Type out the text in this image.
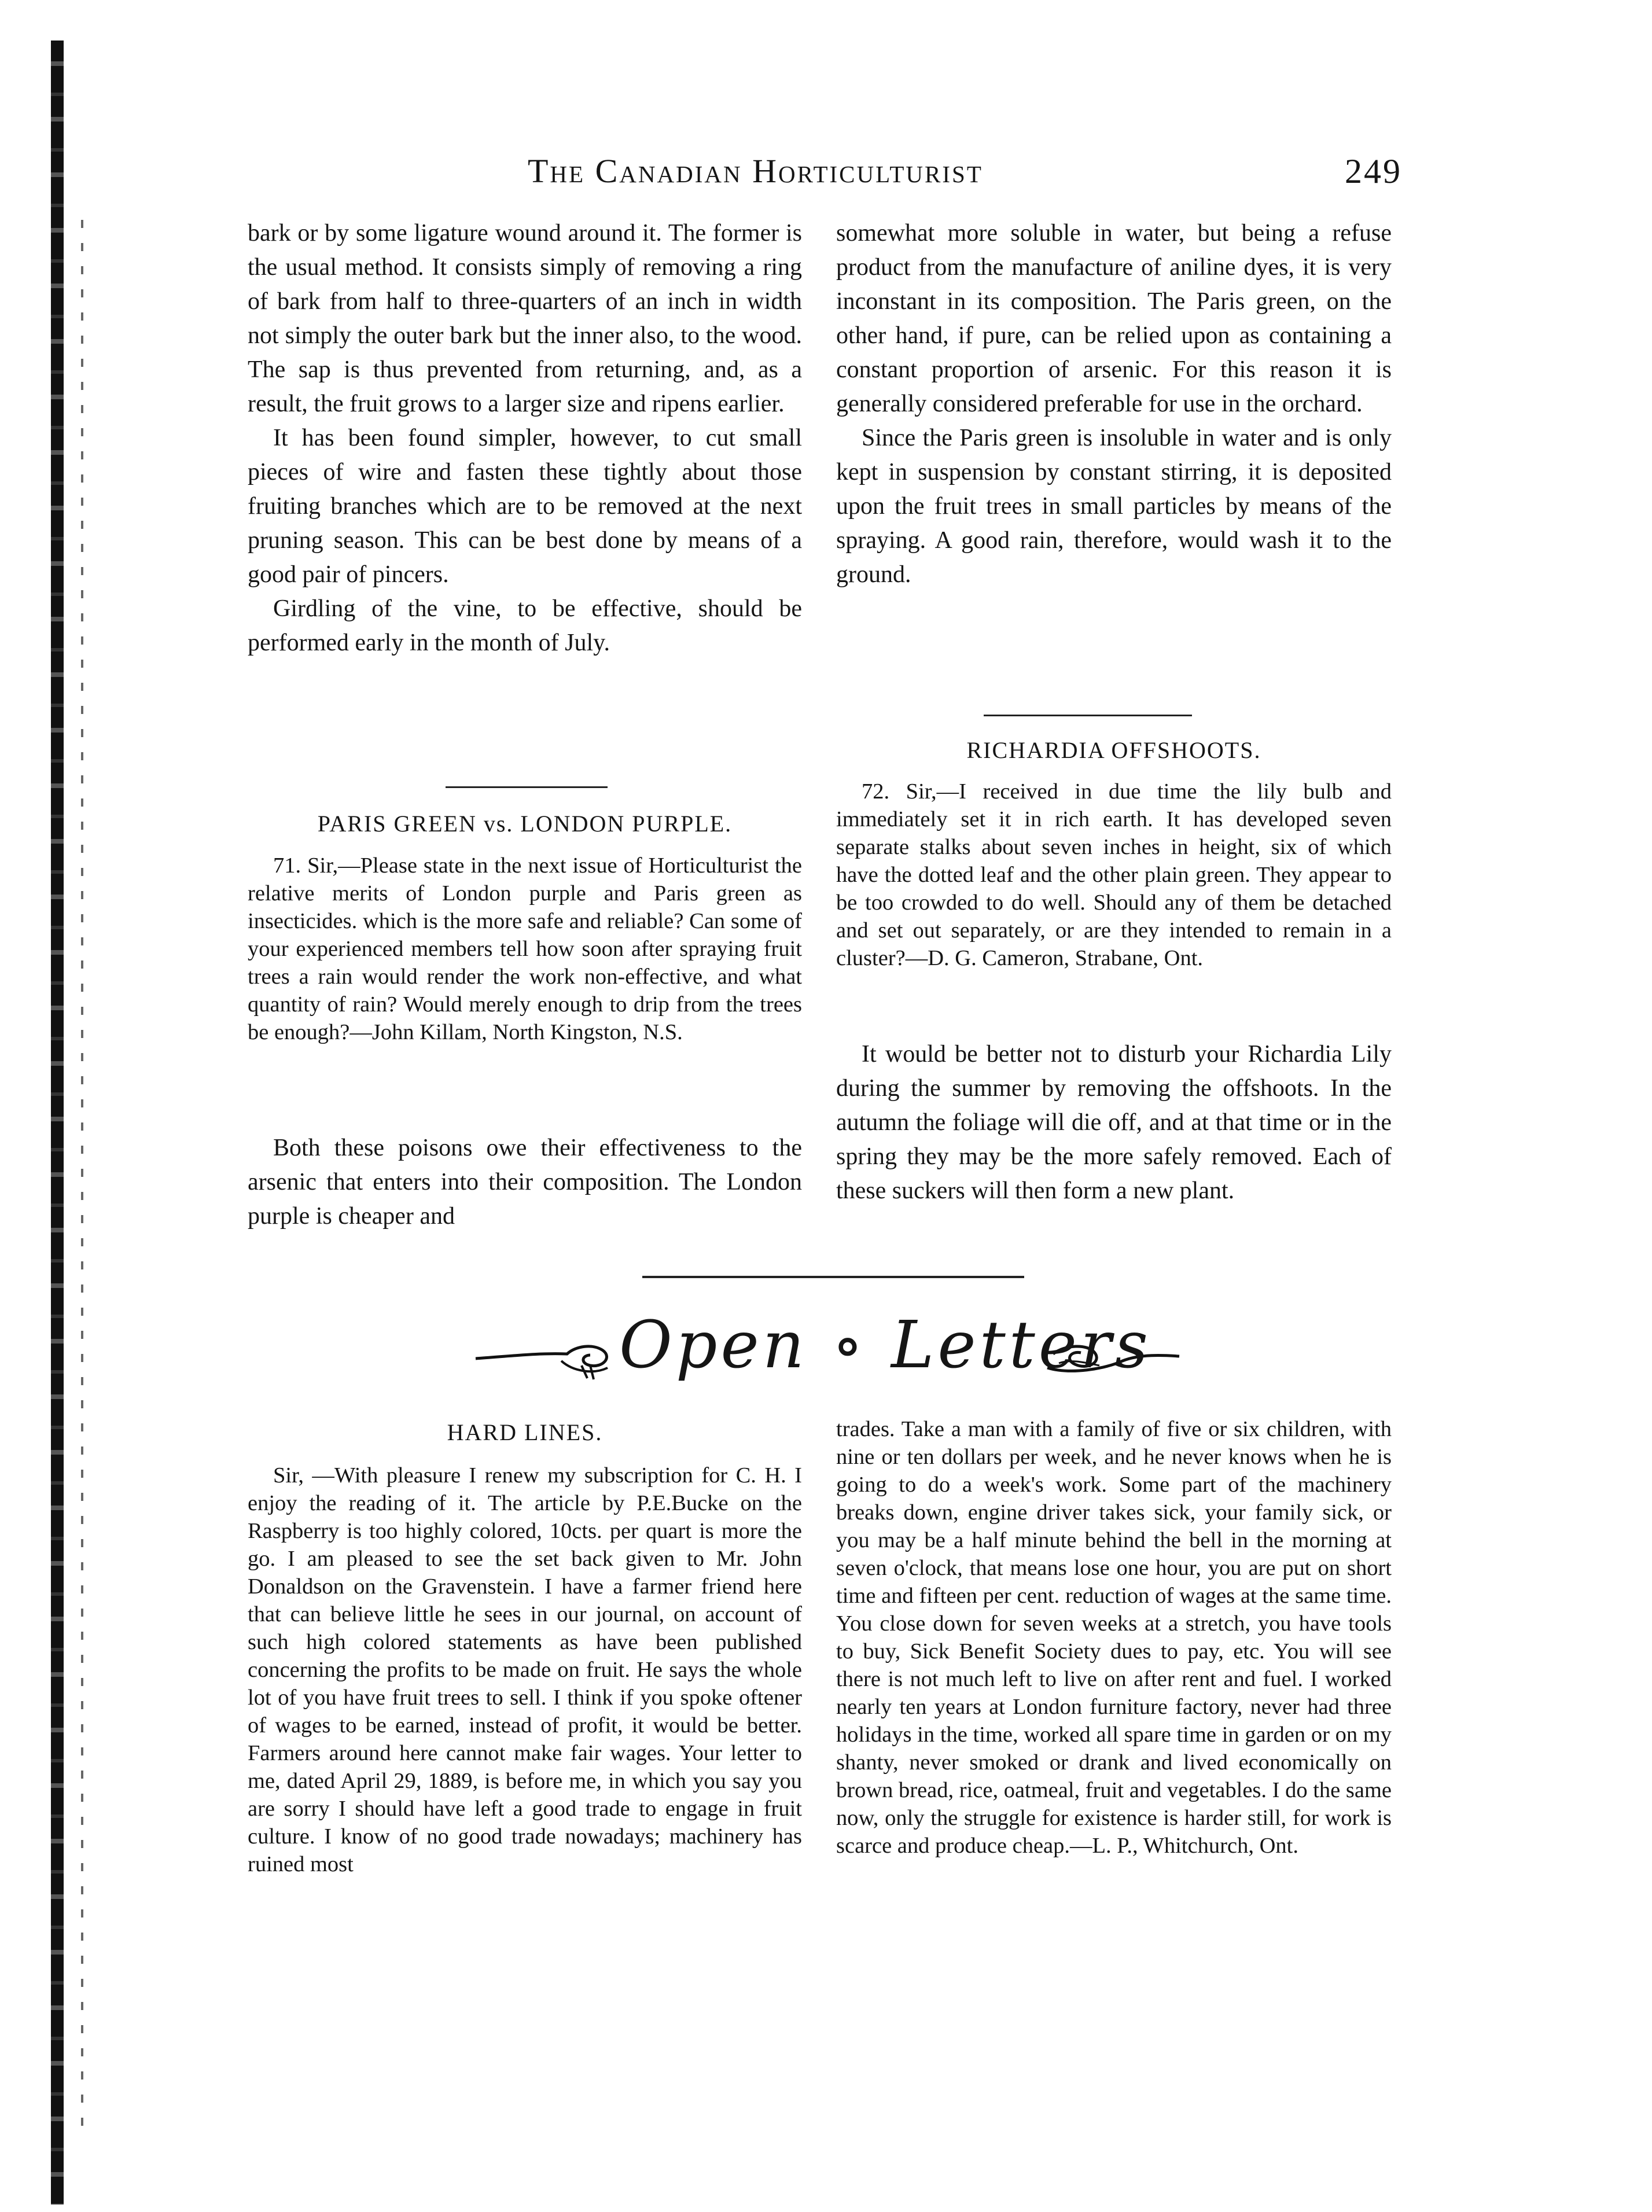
The Canadian Horticulturist	249

bark or by some ligature wound around it. The former is the usual method. It consists simply of removing a ring of bark from half to three-quarters of an inch in width not simply the outer bark but the inner also, to the wood. The sap is thus prevented from returning, and, as a result, the fruit grows to a larger size and ripens earlier.

It has been found simpler, however, to cut small pieces of wire and fasten these tightly about those fruiting branches which are to be removed at the next pruning season. This can be best done by means of a good pair of pincers.

Girdling of the vine, to be effective, should be performed early in the month of July.

PARIS GREEN vs. LONDON PURPLE.

71. Sir,—Please state in the next issue of Horticulturist the relative merits of London purple and Paris green as insecticides. which is the more safe and reliable? Can some of your experienced members tell how soon after spraying fruit trees a rain would render the work non-effective, and what quantity of rain? Would merely enough to drip from the trees be enough?—John Killam, North Kingston, N.S.

Both these poisons owe their effectiveness to the arsenic that enters into their composition. The London purple is cheaper and

somewhat more soluble in water, but being a refuse product from the manufacture of aniline dyes, it is very inconstant in its composition. The Paris green, on the other hand, if pure, can be relied upon as containing a constant proportion of arsenic. For this reason it is generally considered preferable for use in the orchard.

Since the Paris green is insoluble in water and is only kept in suspension by constant stirring, it is deposited upon the fruit trees in small particles by means of the spraying. A good rain, therefore, would wash it to the ground.

RICHARDIA OFFSHOOTS.

72. Sir,—I received in due time the lily bulb and immediately set it in rich earth. It has developed seven separate stalks about seven inches in height, six of which have the dotted leaf and the other plain green. They appear to be too crowded to do well. Should any of them be detached and set out separately, or are they intended to remain in a cluster?—D. G. Cameron, Strabane, Ont.

It would be better not to disturb your Richardia Lily during the summer by removing the offshoots. In the autumn the foliage will die off, and at that time or in the spring they may be the more safely removed. Each of these suckers will then form a new plant.

Open ∘ Letters
HARD LINES.

Sir, —With pleasure I renew my subscription for C. H. I enjoy the reading of it. The article by P.E.Bucke on the Raspberry is too highly colored, 10cts. per quart is more the go. I am pleased to see the set back given to Mr. John Donaldson on the Gravenstein. I have a farmer friend here that can believe little he sees in our journal, on account of such high colored statements as have been published concerning the profits to be made on fruit. He says the whole lot of you have fruit trees to sell. I think if you spoke oftener of wages to be earned, instead of profit, it would be better. Farmers around here cannot make fair wages. Your letter to me, dated April 29, 1889, is before me, in which you say you are sorry I should have left a good trade to engage in fruit culture. I know of no good trade nowadays; machinery has ruined most

trades. Take a man with a family of five or six children, with nine or ten dollars per week, and he never knows when he is going to do a week's work. Some part of the machinery breaks down, engine driver takes sick, your family sick, or you may be a half minute behind the bell in the morning at seven o'clock, that means lose one hour, you are put on short time and fifteen per cent. reduction of wages at the same time. You close down for seven weeks at a stretch, you have tools to buy, Sick Benefit Society dues to pay, etc. You will see there is not much left to live on after rent and fuel. I worked nearly ten years at London furniture factory, never had three holidays in the time, worked all spare time in garden or on my shanty, never smoked or drank and lived economically on brown bread, rice, oatmeal, fruit and vegetables. I do the same now, only the struggle for existence is harder still, for work is scarce and produce cheap.—L. P., Whitchurch, Ont.
